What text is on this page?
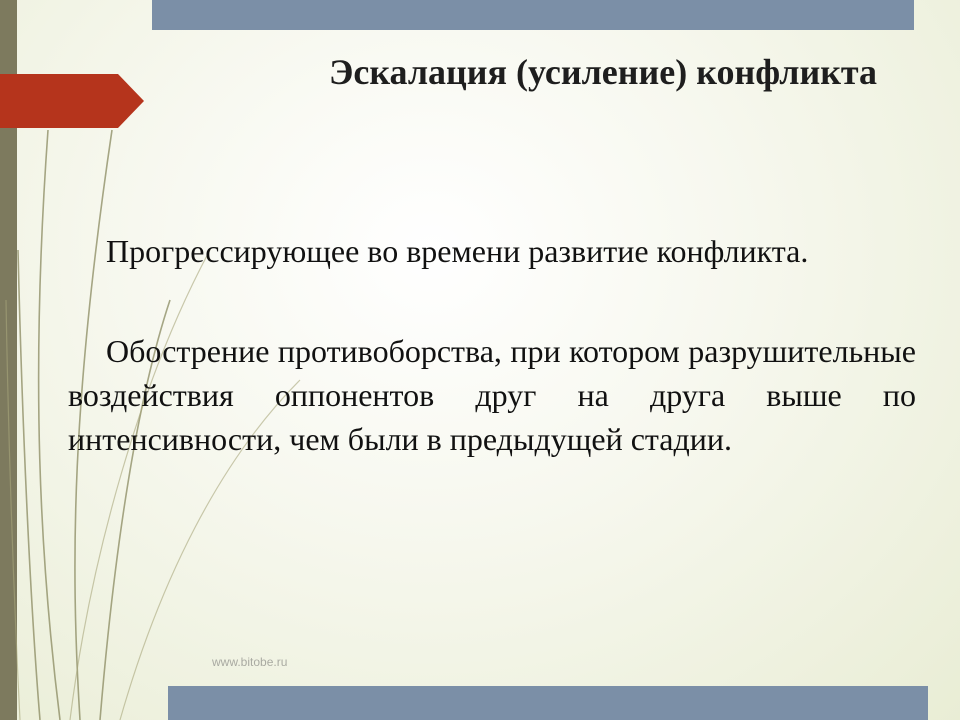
Эскалация (усиление) конфликта

Прогрессирующее во времени развитие конфликта.

Обострение противоборства, при котором разрушительные воздействия оппонентов друг на друга выше по интенсивности, чем были в предыдущей стадии.

www.bitobe.ru
